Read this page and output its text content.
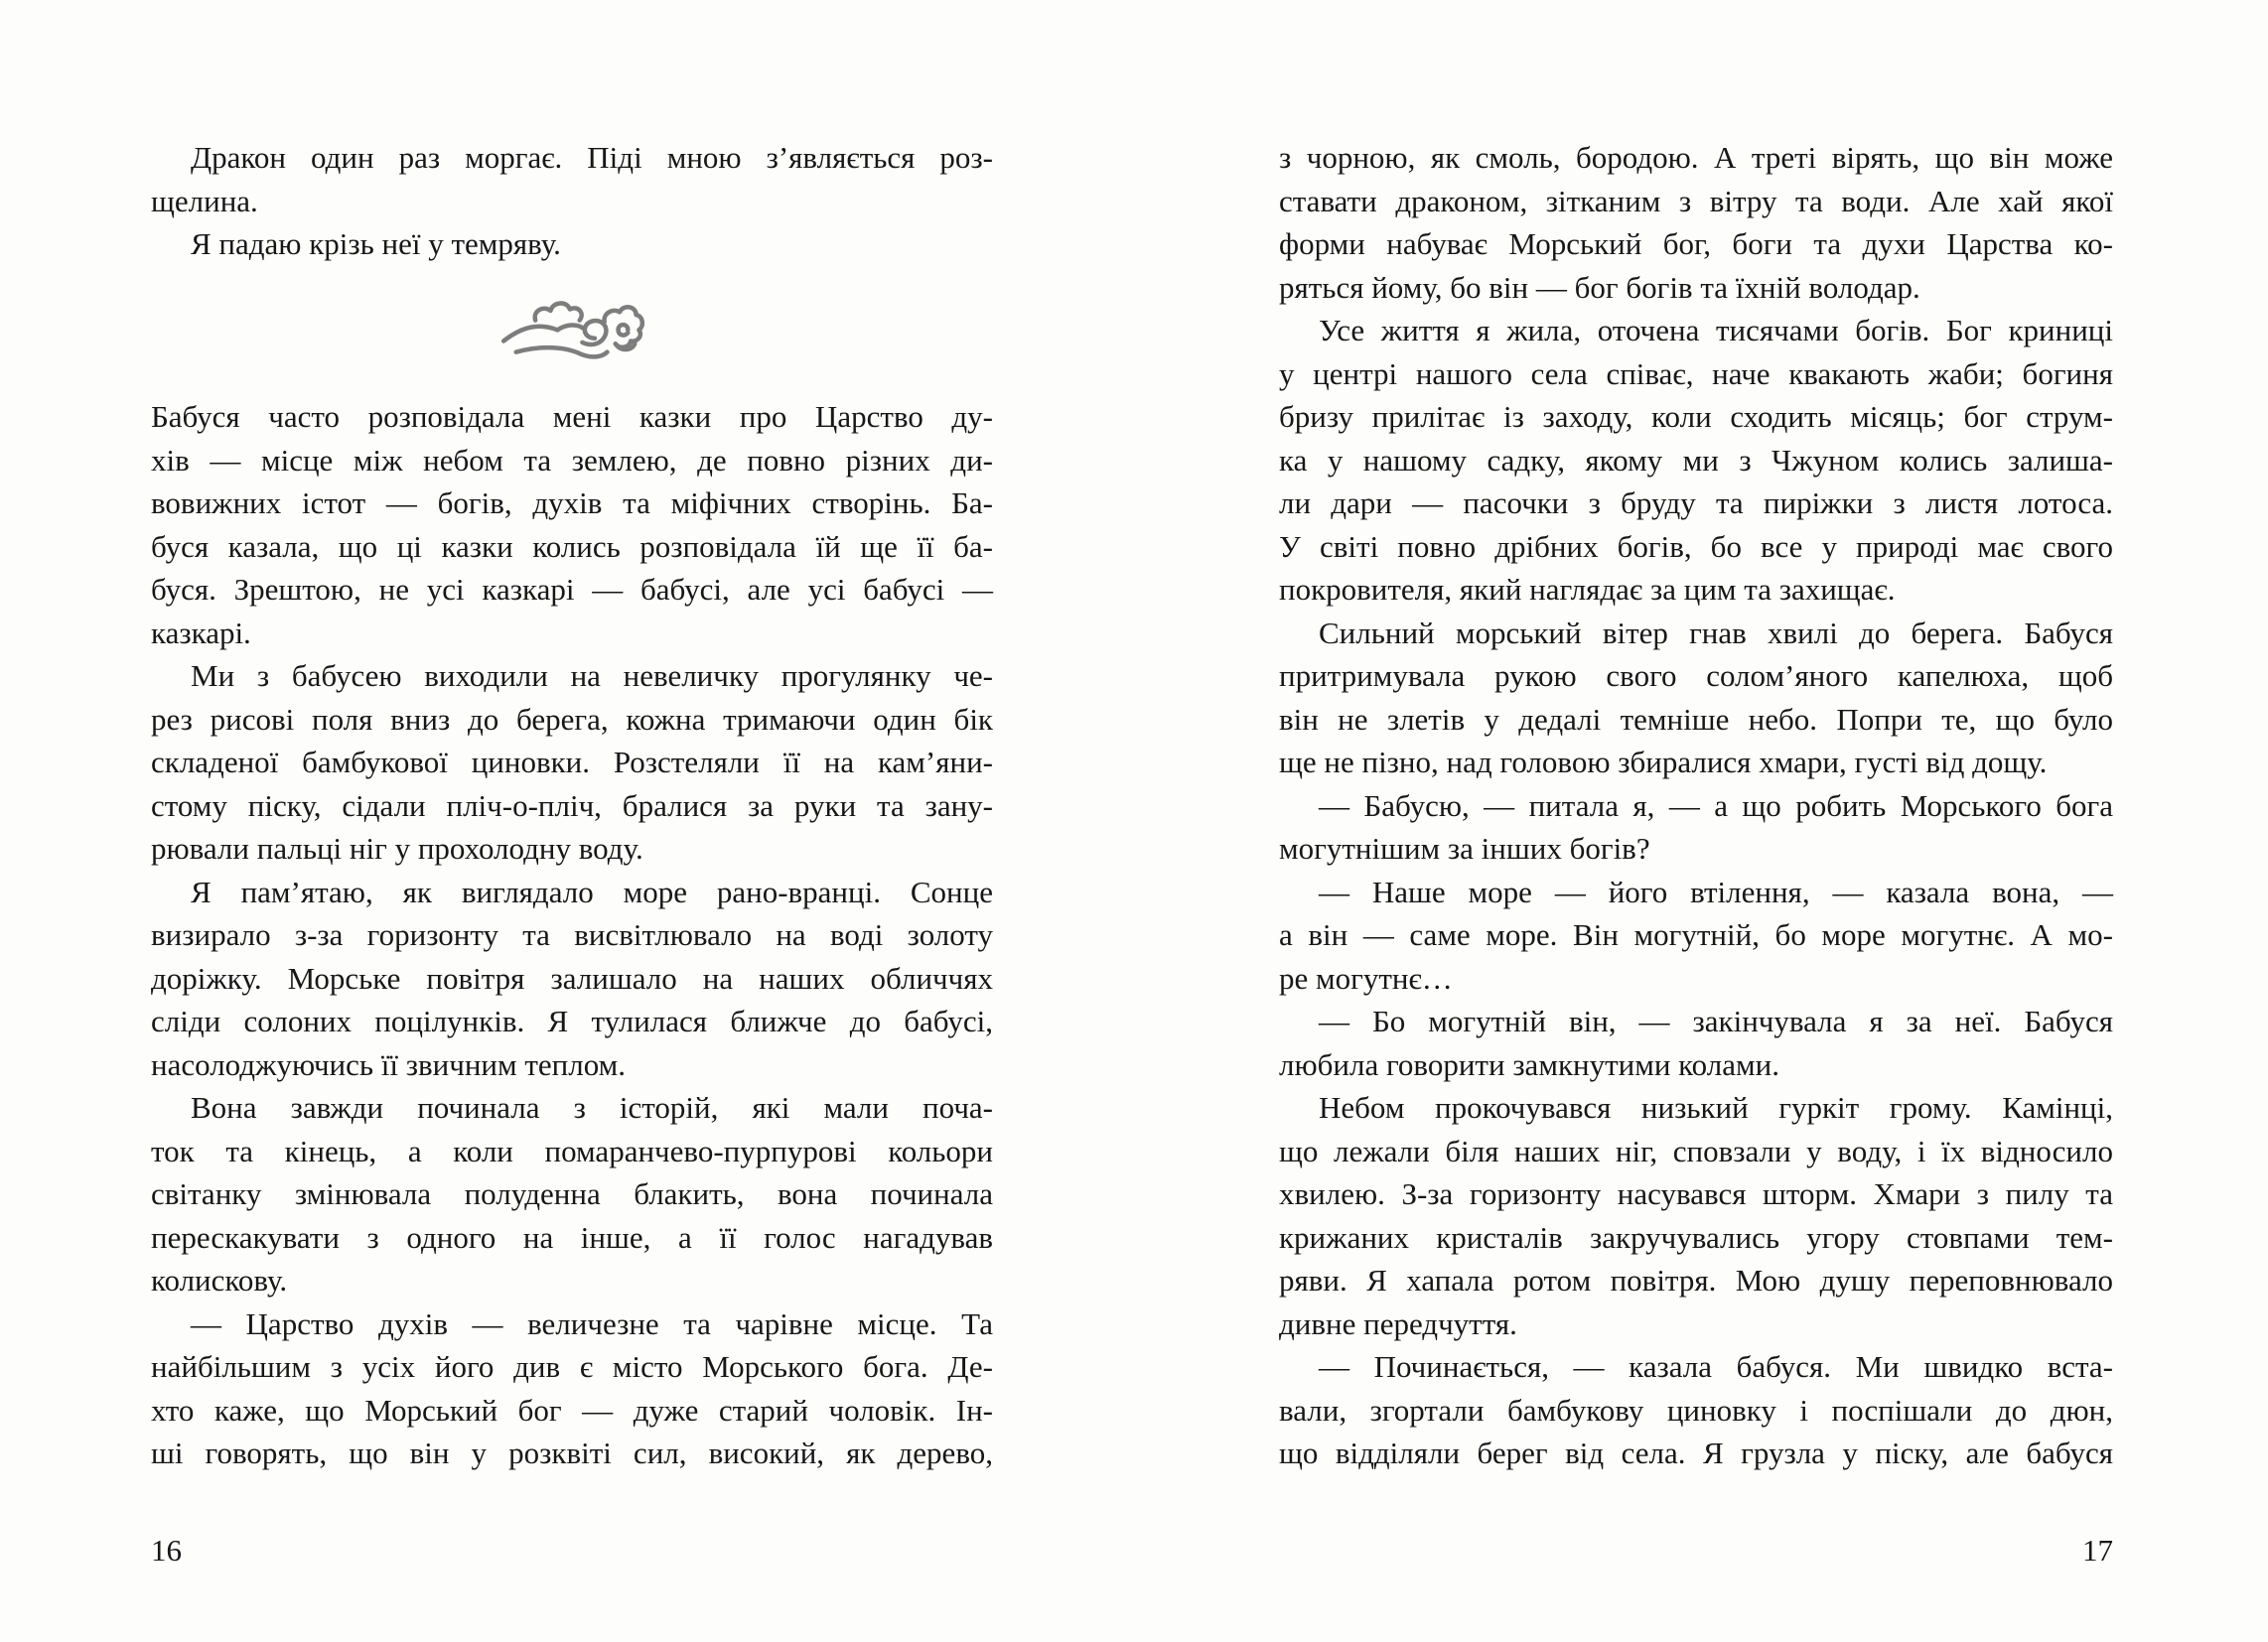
Дракон один раз моргає. Піді мною з’являється роз-
щелина.
Я падаю крізь неї у темряву.
Бабуся часто розповідала мені казки про Царство ду-
хів — місце між небом та землею, де повно різних ди-
вовижних істот — богів, духів та міфічних створінь. Ба-
буся казала, що ці казки колись розповідала їй ще її ба-
буся. Зрештою, не усі казкарі — бабусі, але усі бабусі —
казкарі.
Ми з бабусею виходили на невеличку прогулянку че-
рез рисові поля вниз до берега, кожна тримаючи один бік
складеної бамбукової циновки. Розстеляли її на кам’яни-
стому піску, сідали пліч-о-пліч, бралися за руки та зану-
рювали пальці ніг у прохолодну воду.
Я пам’ятаю, як виглядало море рано-вранці. Сонце
визирало з-за горизонту та висвітлювало на воді золоту
доріжку. Морське повітря залишало на наших обличчях
сліди солоних поцілунків. Я тулилася ближче до бабусі,
насолоджуючись її звичним теплом.
Вона завжди починала з історій, які мали поча-
ток та кінець, а коли помаранчево-пурпурові кольори
світанку змінювала полуденна блакить, вона починала
перескакувати з одного на інше, а її голос нагадував
колискову.
— Царство духів — величезне та чарівне місце. Та
найбільшим з усіх його див є місто Морського бога. Де-
хто каже, що Морський бог — дуже старий чоловік. Ін-
ші говорять, що він у розквіті сил, високий, як дерево,
з чорною, як смоль, бородою. А треті вірять, що він може
ставати драконом, зітканим з вітру та води. Але хай якої
форми набуває Морський бог, боги та духи Царства ко-
ряться йому, бо він — бог богів та їхній володар.
Усе життя я жила, оточена тисячами богів. Бог криниці
у центрі нашого села співає, наче квакають жаби; богиня
бризу прилітає із заходу, коли сходить місяць; бог струм-
ка у нашому садку, якому ми з Чжуном колись залиша-
ли дари — пасочки з бруду та пиріжки з листя лотоса.
У світі повно дрібних богів, бо все у природі має свого
покровителя, який наглядає за цим та захищає.
Сильний морський вітер гнав хвилі до берега. Бабуся
притримувала рукою свого солом’яного капелюха, щоб
він не злетів у дедалі темніше небо. Попри те, що було
ще не пізно, над головою збиралися хмари, густі від дощу.
— Бабусю, — питала я, — а що робить Морського бога
могутнішим за інших богів?
— Наше море — його втілення, — казала вона, —
а він — саме море. Він могутній, бо море могутнє. А мо-
ре могутнє…
— Бо могутній він, — закінчувала я за неї. Бабуся
любила говорити замкнутими колами.
Небом прокочувався низький гуркіт грому. Камінці,
що лежали біля наших ніг, сповзали у воду, і їх відносило
хвилею. З-за горизонту насувався шторм. Хмари з пилу та
крижаних кристалів закручувались угору стовпами тем-
ряви. Я хапала ротом повітря. Мою душу переповнювало
дивне передчуття.
— Починається, — казала бабуся. Ми швидко вста-
вали, згортали бамбукову циновку і поспішали до дюн,
що відділяли берег від села. Я грузла у піску, але бабуся
16	17
